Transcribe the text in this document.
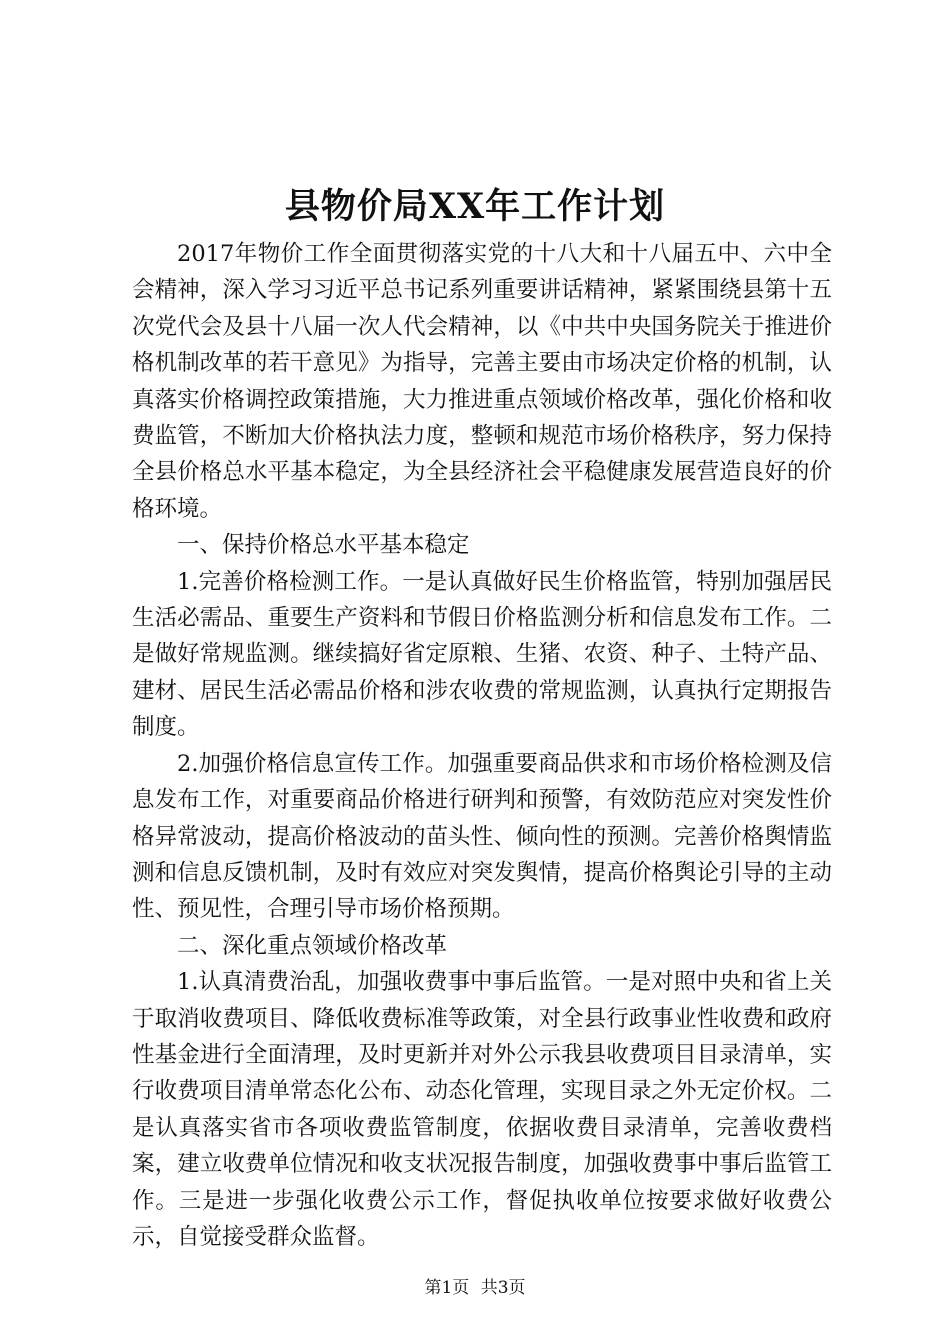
县物价局XX年工作计划

2017年物价工作全面贯彻落实党的十八大和十八届五中、六中全会精神，深入学习习近平总书记系列重要讲话精神，紧紧围绕县第十五次党代会及县十八届一次人代会精神，以《中共中央国务院关于推进价格机制改革的若干意见》为指导，完善主要由市场决定价格的机制，认真落实价格调控政策措施，大力推进重点领域价格改革，强化价格和收费监管，不断加大价格执法力度，整顿和规范市场价格秩序，努力保持全县价格总水平基本稳定，为全县经济社会平稳健康发展营造良好的价格环境。

一、保持价格总水平基本稳定

1.完善价格检测工作。一是认真做好民生价格监管，特别加强居民生活必需品、重要生产资料和节假日价格监测分析和信息发布工作。二是做好常规监测。继续搞好省定原粮、生猪、农资、种子、土特产品、建材、居民生活必需品价格和涉农收费的常规监测，认真执行定期报告制度。

2.加强价格信息宣传工作。加强重要商品供求和市场价格检测及信息发布工作，对重要商品价格进行研判和预警，有效防范应对突发性价格异常波动，提高价格波动的苗头性、倾向性的预测。完善价格舆情监测和信息反馈机制，及时有效应对突发舆情，提高价格舆论引导的主动性、预见性，合理引导市场价格预期。

二、深化重点领域价格改革

1.认真清费治乱，加强收费事中事后监管。一是对照中央和省上关于取消收费项目、降低收费标准等政策，对全县行政事业性收费和政府性基金进行全面清理，及时更新并对外公示我县收费项目目录清单，实行收费项目清单常态化公布、动态化管理，实现目录之外无定价权。二是认真落实省市各项收费监管制度，依据收费目录清单，完善收费档案，建立收费单位情况和收支状况报告制度，加强收费事中事后监管工作。三是进一步强化收费公示工作，督促执收单位按要求做好收费公示，自觉接受群众监督。

第1页 共3页
